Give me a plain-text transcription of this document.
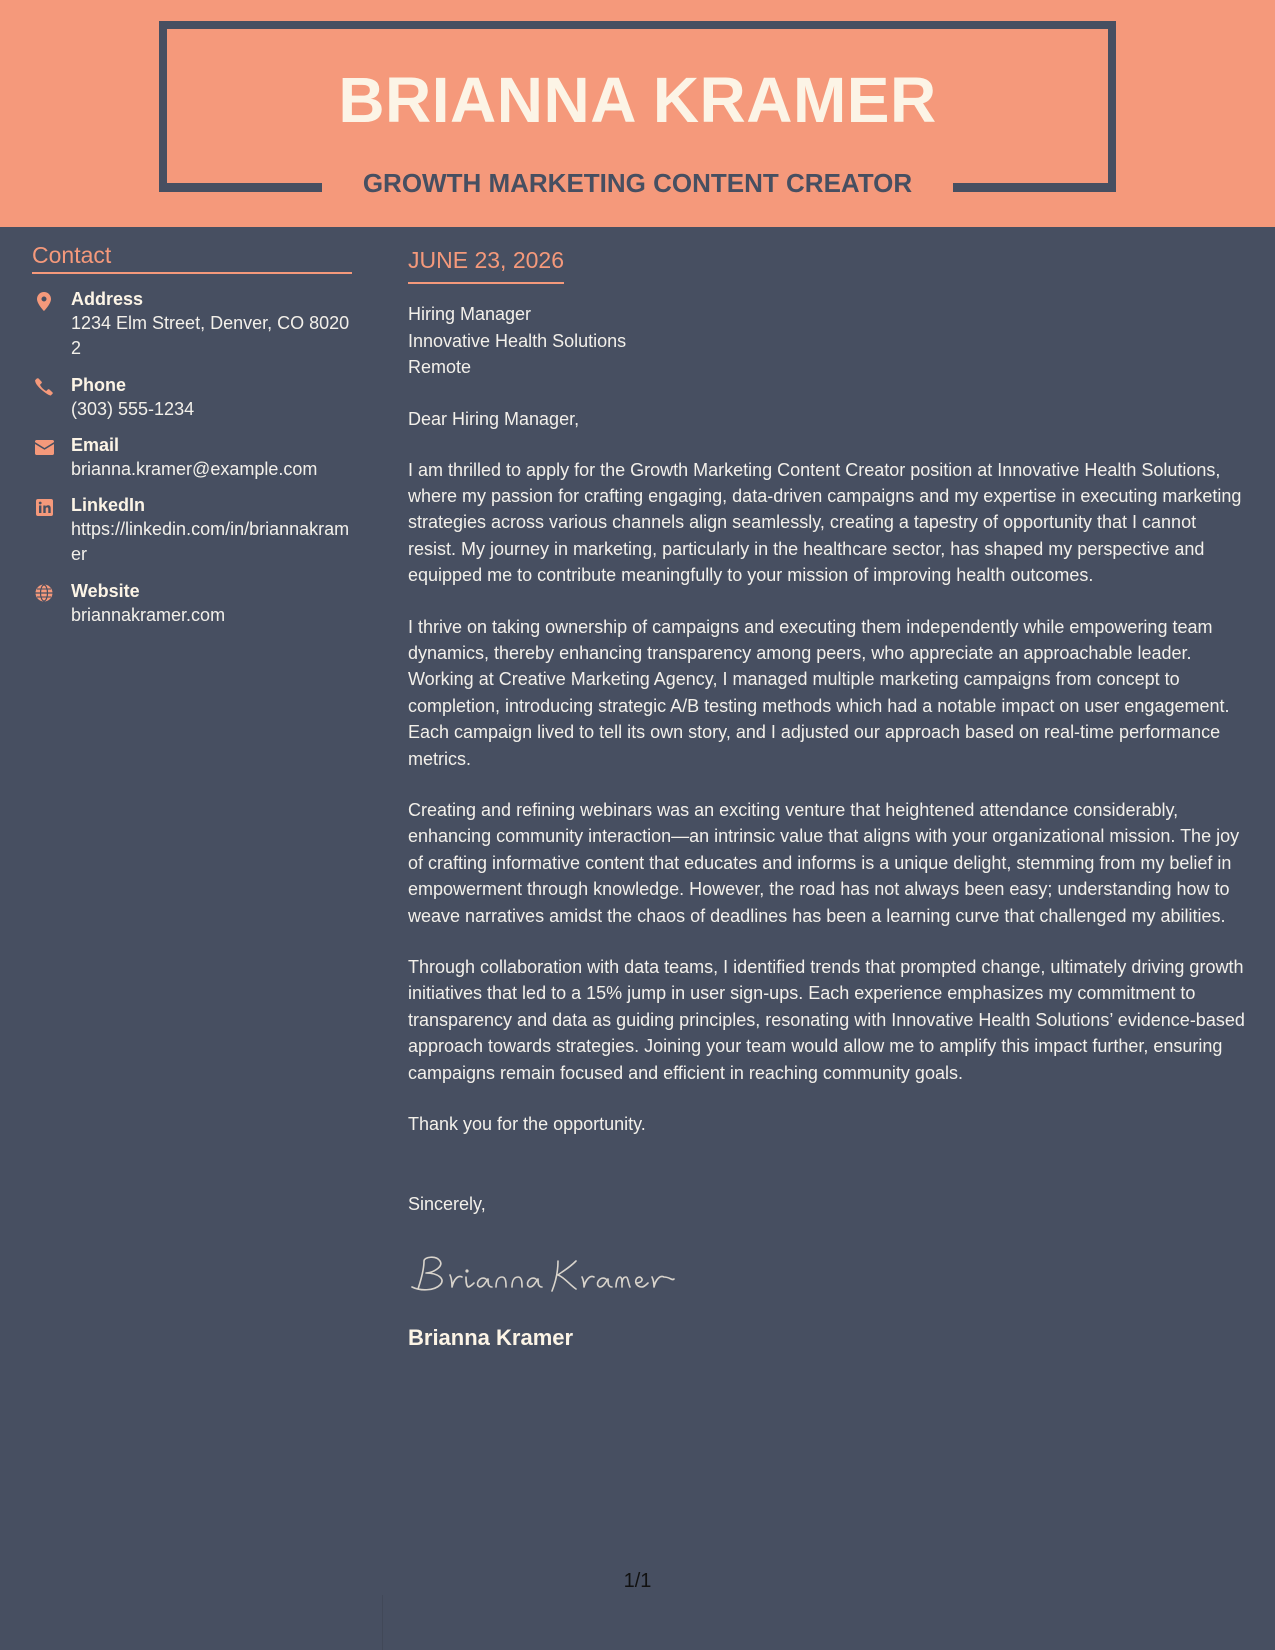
BRIANNA KRAMER
GROWTH MARKETING CONTENT CREATOR
Contact
Address
1234 Elm Street, Denver, CO 80202
Phone
(303) 555-1234
Email
brianna.kramer@example.com
LinkedIn
https://linkedin.com/in/briannakramer
Website
briannakramer.com
JUNE 23, 2026
Hiring Manager
Innovative Health Solutions
Remote
Dear Hiring Manager,
I am thrilled to apply for the Growth Marketing Content Creator position at Innovative Health Solutions, where my passion for crafting engaging, data-driven campaigns and my expertise in executing marketing strategies across various channels align seamlessly, creating a tapestry of opportunity that I cannot resist. My journey in marketing, particularly in the healthcare sector, has shaped my perspective and equipped me to contribute meaningfully to your mission of improving health outcomes.
I thrive on taking ownership of campaigns and executing them independently while empowering team dynamics, thereby enhancing transparency among peers, who appreciate an approachable leader. Working at Creative Marketing Agency, I managed multiple marketing campaigns from concept to completion, introducing strategic A/B testing methods which had a notable impact on user engagement. Each campaign lived to tell its own story, and I adjusted our approach based on real-time performance metrics.
Creating and refining webinars was an exciting venture that heightened attendance considerably, enhancing community interaction—an intrinsic value that aligns with your organizational mission. The joy of crafting informative content that educates and informs is a unique delight, stemming from my belief in empowerment through knowledge. However, the road has not always been easy; understanding how to weave narratives amidst the chaos of deadlines has been a learning curve that challenged my abilities.
Through collaboration with data teams, I identified trends that prompted change, ultimately driving growth initiatives that led to a 15% jump in user sign-ups. Each experience emphasizes my commitment to transparency and data as guiding principles, resonating with Innovative Health Solutions’ evidence-based approach towards strategies. Joining your team would allow me to amplify this impact further, ensuring campaigns remain focused and efficient in reaching community goals.
Thank you for the opportunity.
Sincerely,
Brianna Kramer
1/1
